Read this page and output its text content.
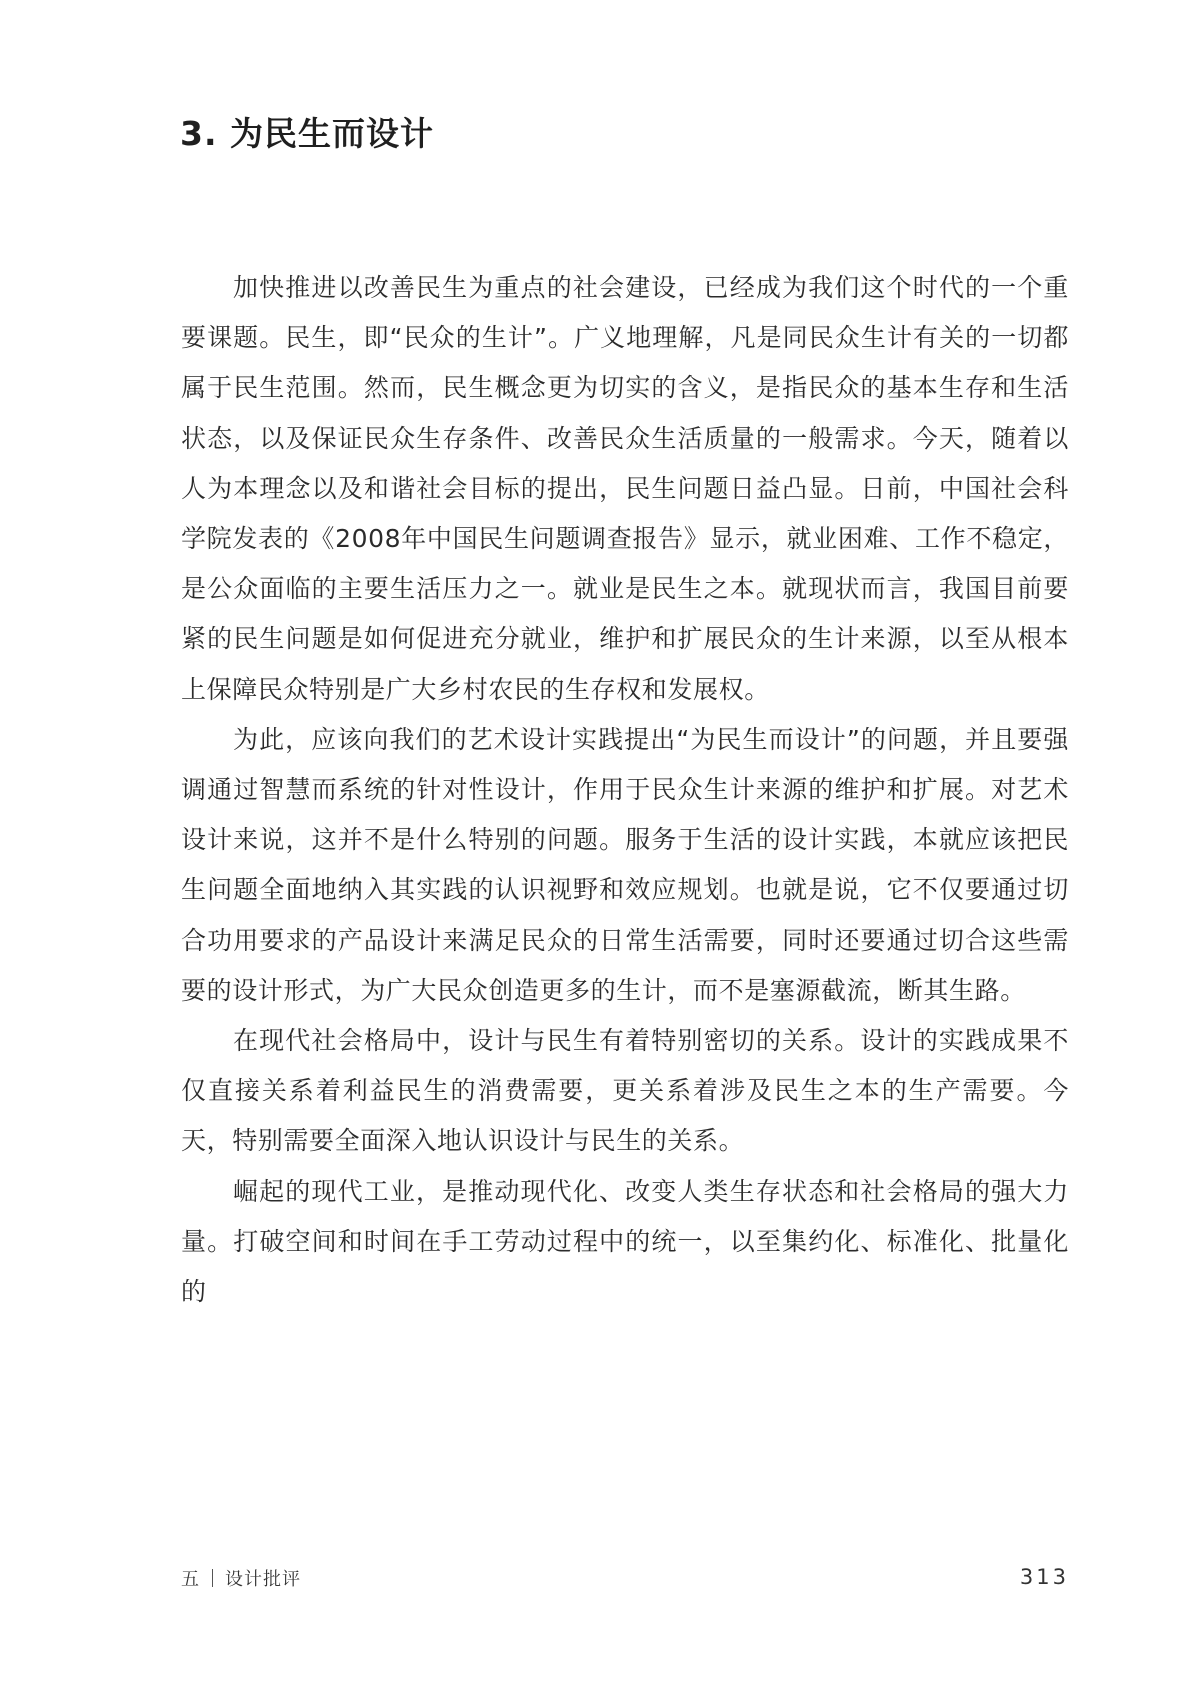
3. 为民生而设计

加快推进以改善民生为重点的社会建设，已经成为我们这个时代的一个重要课题。民生，即“民众的生计”。广义地理解，凡是同民众生计有关的一切都属于民生范围。然而，民生概念更为切实的含义，是指民众的基本生存和生活状态，以及保证民众生存条件、改善民众生活质量的一般需求。今天，随着以人为本理念以及和谐社会目标的提出，民生问题日益凸显。日前，中国社会科学院发表的《2008年中国民生问题调查报告》显示，就业困难、工作不稳定，是公众面临的主要生活压力之一。就业是民生之本。就现状而言，我国目前要紧的民生问题是如何促进充分就业，维护和扩展民众的生计来源，以至从根本上保障民众特别是广大乡村农民的生存权和发展权。

为此，应该向我们的艺术设计实践提出“为民生而设计”的问题，并且要强调通过智慧而系统的针对性设计，作用于民众生计来源的维护和扩展。对艺术设计来说，这并不是什么特别的问题。服务于生活的设计实践，本就应该把民生问题全面地纳入其实践的认识视野和效应规划。也就是说，它不仅要通过切合功用要求的产品设计来满足民众的日常生活需要，同时还要通过切合这些需要的设计形式，为广大民众创造更多的生计，而不是塞源截流，断其生路。

在现代社会格局中，设计与民生有着特别密切的关系。设计的实践成果不仅直接关系着利益民生的消费需要，更关系着涉及民生之本的生产需要。今天，特别需要全面深入地认识设计与民生的关系。

崛起的现代工业，是推动现代化、改变人类生存状态和社会格局的强大力量。打破空间和时间在手工劳动过程中的统一，以至集约化、标准化、批量化的

五 设计批评	313
